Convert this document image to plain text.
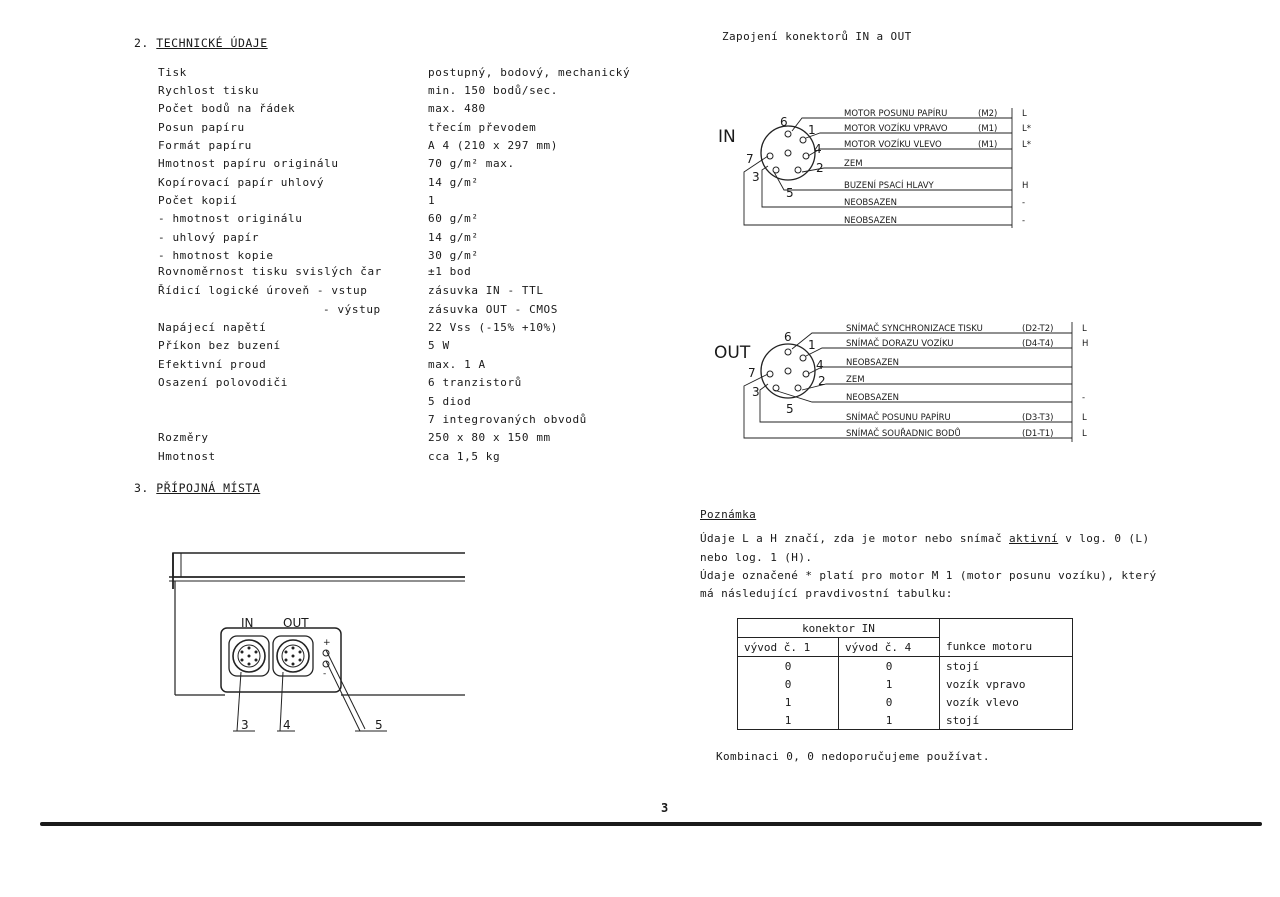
2. TECHNICKÉ ÚDAJE
Tisk	postupný, bodový, mechanický
Rychlost tisku	min. 150 bodů/sec.
Počet bodů na řádek	max. 480
Posun papíru	třecím převodem
Formát papíru	A 4 (210 x 297 mm)
Hmotnost papíru originálu	70 g/m² max.
Kopírovací papír uhlový	14 g/m²
Počet kopií	1
- hmotnost originálu	60 g/m²
- uhlový papír	14 g/m²
- hmotnost kopie	30 g/m²
Rovnoměrnost tisku svislých čar	±1 bod
Řídicí logické úroveň - vstup	zásuvka IN - TTL
- výstup	zásuvka OUT - CMOS
Napájecí napětí	22 Vss (-15% +10%)
Příkon bez buzení	5 W
Efektivní proud	max. 1 A
Osazení polovodiči	6 tranzistorů
5 diod
7 integrovaných obvodů
Rozměry	250 x 80 x 150 mm
Hmotnost	cca 1,5 kg
3. PŘÍPOJNÁ MÍSTA
+
-
IN OUT
3	4	5
Zapojení konektorů IN a OUT
IN
6
1
4
7
2
3
5
MOTOR POSUNU PAPÍRU	(M2)	L
MOTOR VOZÍKU VPRAVO	(M1)	L*
MOTOR VOZÍKU VLEVO	(M1)	L*
ZEM
BUZENÍ PSACÍ HLAVY	H
NEOBSAZEN	-
NEOBSAZEN	-
OUT
6
1
4
7
2
3
5
SNÍMAČ SYNCHRONIZACE TISKU	(D2-T2)	L
SNÍMAČ DORAZU VOZÍKU	(D4-T4)	H
NEOBSAZEN
ZEM
NEOBSAZEN	-
SNÍMAČ POSUNU PAPÍRU	(D3-T3)	L
SNÍMAČ SOUŘADNIC BODŮ	(D1-T1)	L
Poznámka
Údaje L a H značí, zda je motor nebo snímač aktivní v log. 0 (L)
nebo log. 1 (H).
Údaje označené * platí pro motor M 1 (motor posunu vozíku), který
má následující pravdivostní tabulku:
konektor IN		
vývod č. 1	vývod č. 4	funkce motoru
0	0	stojí
0	1	vozík vpravo
1	0	vozík vlevo
1	1	stojí
Kombinaci 0, 0 nedoporučujeme používat.
3
